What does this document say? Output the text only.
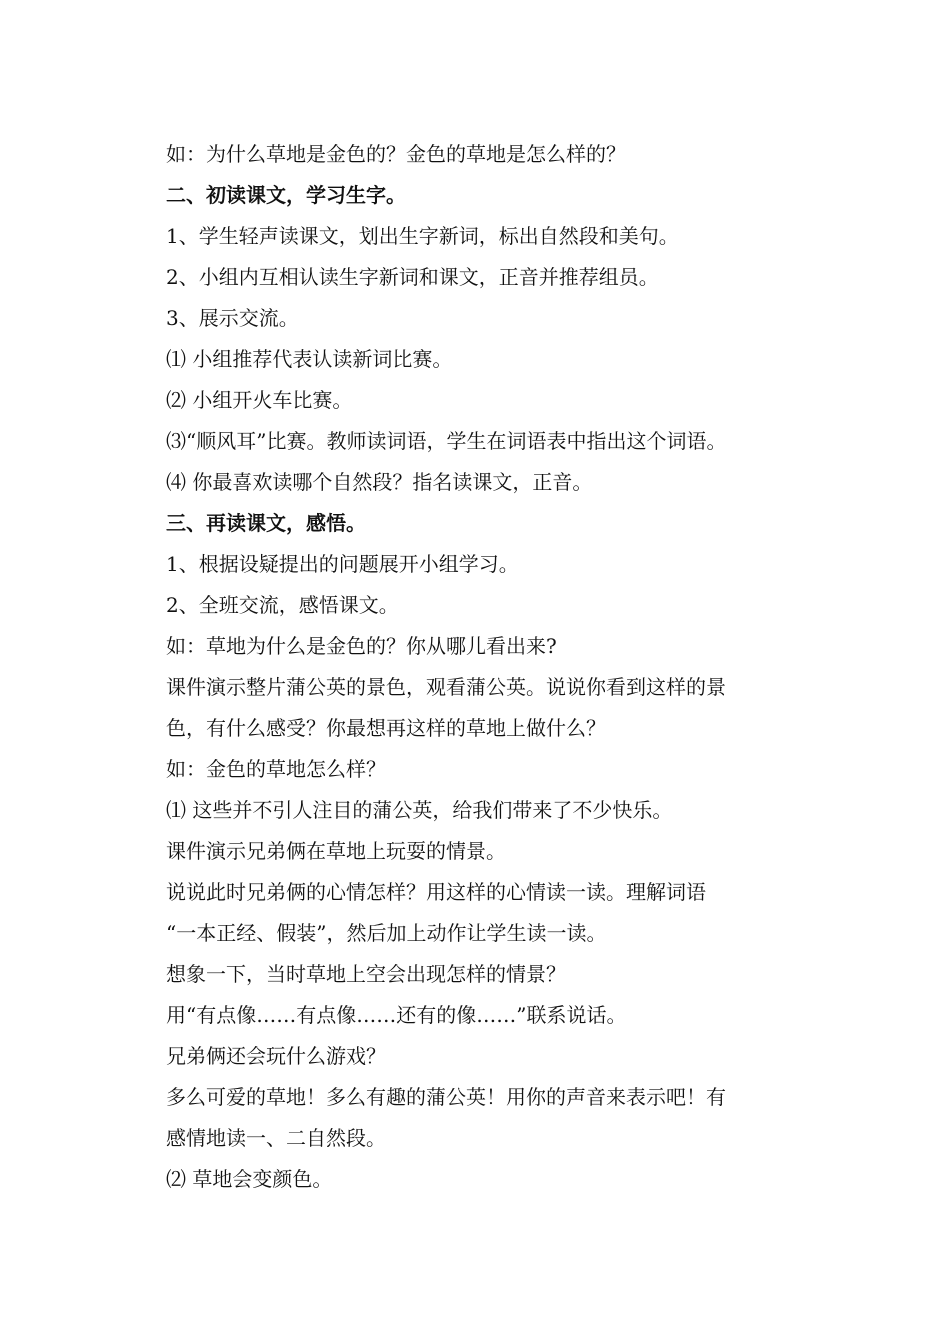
如：为什么草地是金色的？金色的草地是怎么样的？
二、初读课文，学习生字。
1、学生轻声读课文，划出生字新词，标出自然段和美句。
2、小组内互相认读生字新词和课文，正音并推荐组员。
3、展示交流。
⑴ 小组推荐代表认读新词比赛。
⑵ 小组开火车比赛。
⑶“顺风耳”比赛。教师读词语，学生在词语表中指出这个词语。
⑷ 你最喜欢读哪个自然段？指名读课文，正音。
三、再读课文，感悟。
1、根据设疑提出的问题展开小组学习。
2、全班交流，感悟课文。
如：草地为什么是金色的？你从哪儿看出来?
课件演示整片蒲公英的景色，观看蒲公英。说说你看到这样的景
色，有什么感受？你最想再这样的草地上做什么？
如：金色的草地怎么样？
⑴ 这些并不引人注目的蒲公英，给我们带来了不少快乐。
课件演示兄弟俩在草地上玩耍的情景。
说说此时兄弟俩的心情怎样？用这样的心情读一读。理解词语
“一本正经、假装”，然后加上动作让学生读一读。
想象一下，当时草地上空会出现怎样的情景？
用“有点像……有点像……还有的像……”联系说话。
兄弟俩还会玩什么游戏？
多么可爱的草地！多么有趣的蒲公英！用你的声音来表示吧！有
感情地读一、二自然段。
⑵ 草地会变颜色。
